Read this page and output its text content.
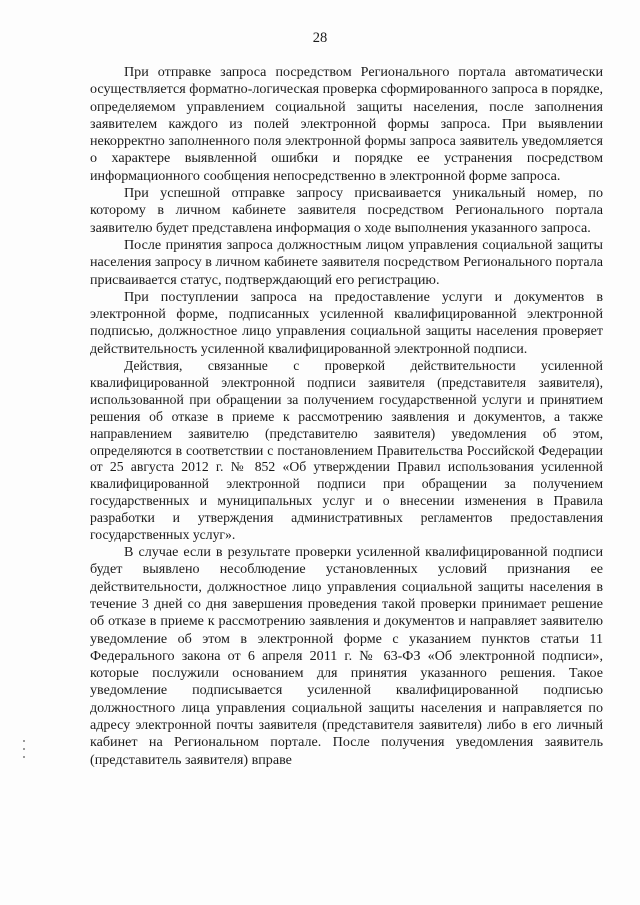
28

При отправке запроса посредством Регионального портала автоматически осуществляется форматно-логическая проверка сформированного запроса в порядке, определяемом управлением социальной защиты населения, после заполнения заявителем каждого из полей электронной формы запроса. При выявлении некорректно заполненного поля электронной формы запроса заявитель уведомляется о характере выявленной ошибки и порядке ее устранения посредством информационного сообщения непосредственно в электронной форме запроса.

При успешной отправке запросу присваивается уникальный номер, по которому в личном кабинете заявителя посредством Регионального портала заявителю будет представлена информация о ходе выполнения указанного запроса.

После принятия запроса должностным лицом управления социальной защиты населения запросу в личном кабинете заявителя посредством Регионального портала присваивается статус, подтверждающий его регистрацию.

При поступлении запроса на предоставление услуги и документов в электронной форме, подписанных усиленной квалифицированной электронной подписью, должностное лицо управления социальной защиты населения проверяет действительность усиленной квалифицированной электронной подписи.

Действия, связанные с проверкой действительности усиленной квалифицированной электронной подписи заявителя (представителя заявителя), использованной при обращении за получением государственной услуги и принятием решения об отказе в приеме к рассмотрению заявления и документов, а также направлением заявителю (представителю заявителя) уведомления об этом, определяются в соответствии с постановлением Правительства Российской Федерации от 25 августа 2012 г. № 852 «Об утверждении Правил использования усиленной квалифицированной электронной подписи при обращении за получением государственных и муниципальных услуг и о внесении изменения в Правила разработки и утверждения административных регламентов предоставления государственных услуг».

В случае если в результате проверки усиленной квалифицированной подписи будет выявлено несоблюдение установленных условий признания ее действительности, должностное лицо управления социальной защиты населения в течение 3 дней со дня завершения проведения такой проверки принимает решение об отказе в приеме к рассмотрению заявления и документов и направляет заявителю уведомление об этом в электронной форме с указанием пунктов статьи 11 Федерального закона от 6 апреля 2011 г. № 63-ФЗ «Об электронной подписи», которые послужили основанием для принятия указанного решения. Такое уведомление подписывается усиленной квалифицированной подписью должностного лица управления социальной защиты населения и направляется по адресу электронной почты заявителя (представителя заявителя) либо в его личный кабинет на Региональном портале. После получения уведомления заявитель (представитель заявителя) вправе
